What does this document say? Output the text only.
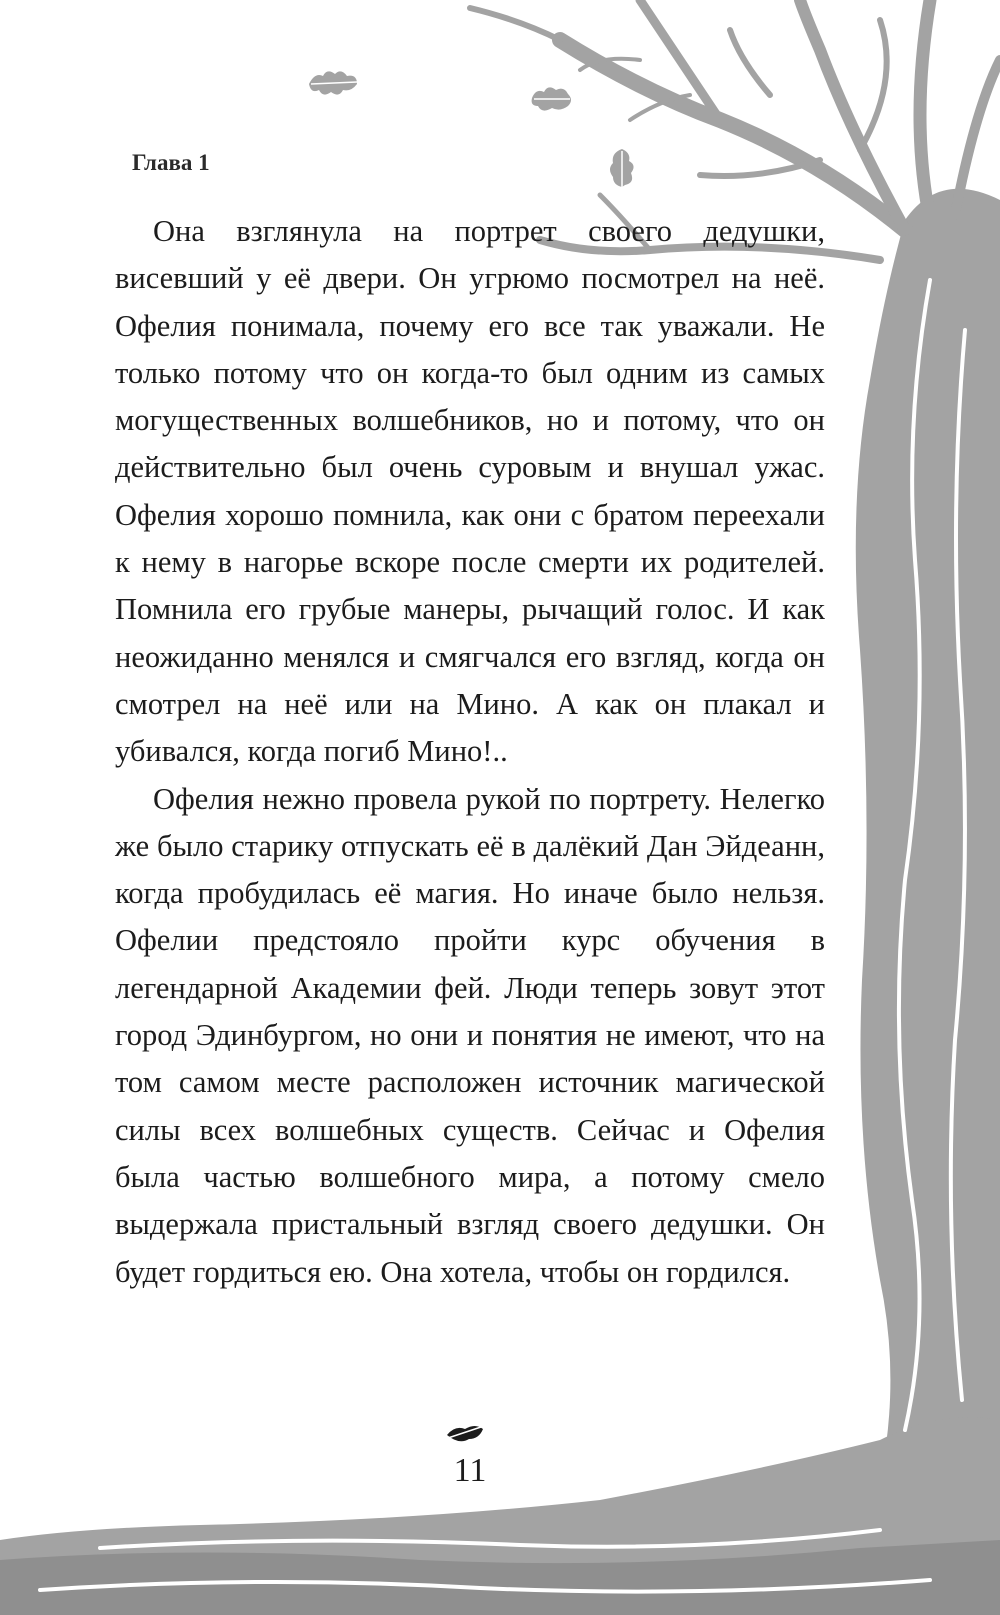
Глава 1

Она взглянула на портрет своего дедушки, висевший у её двери. Он угрюмо посмотрел на неё. Офелия понимала, почему его все так уважали. Не только потому что он когда-то был одним из самых могущественных волшебников, но и потому, что он действительно был очень суровым и внушал ужас. Офелия хорошо помнила, как они с братом переехали к нему в нагорье вскоре после смерти их родителей. Помнила его грубые манеры, рычащий голос. И как неожиданно менялся и смягчался его взгляд, когда он смотрел на неё или на Мино. А как он плакал и убивался, когда погиб Мино!..

Офелия нежно провела рукой по портрету. Нелегко же было старику отпускать её в далёкий Дан Эйдеанн, когда пробудилась её магия. Но иначе было нельзя. Офелии предстояло пройти курс обучения в легендарной Академии фей. Люди теперь зовут этот город Эдинбургом, но они и понятия не имеют, что на том самом месте расположен источник магической силы всех волшебных существ. Сейчас и Офелия была частью волшебного мира, а потому смело выдержала пристальный взгляд своего дедушки. Он будет гордиться ею. Она хотела, чтобы он гордился.

11
